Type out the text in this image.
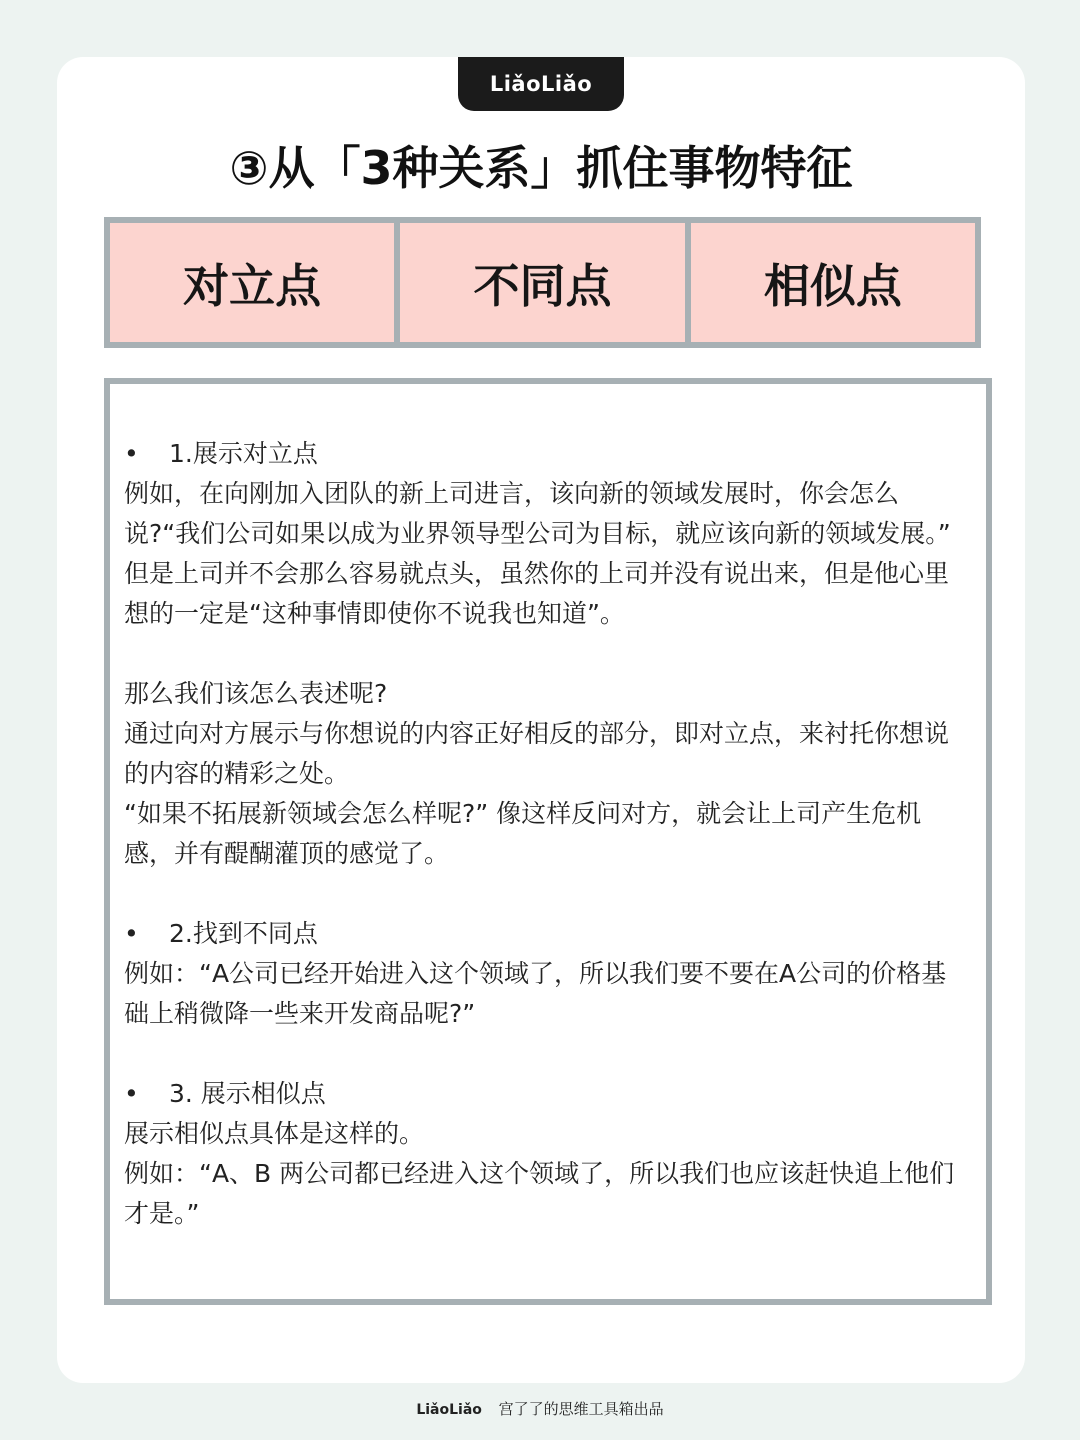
LiǎoLiǎo
③从「3种关系」抓住事物特征
对立点	不同点	相似点
•	1.展示对立点

例如，在向刚加入团队的新上司进言，该向新的领域发展时，你会怎么说?“我们公司如果以成为业界领导型公司为目标，就应该向新的领域发展。”

但是上司并不会那么容易就点头，虽然你的上司并没有说出来，但是他心里想的一定是“这种事情即使你不说我也知道”。

那么我们该怎么表述呢?

通过向对方展示与你想说的内容正好相反的部分，即对立点，来衬托你想说的内容的精彩之处。

“如果不拓展新领域会怎么样呢?” 像这样反问对方，就会让上司产生危机感，并有醍醐灌顶的感觉了。

•	2.找到不同点

例如：“A公司已经开始进入这个领域了，所以我们要不要在A公司的价格基础上稍微降一些来开发商品呢?”

•	3. 展示相似点

展示相似点具体是这样的。

例如：“A、B 两公司都已经进入这个领域了，所以我们也应该赶快追上他们才是。”

LiǎoLiǎo 宫了了的思维工具箱出品
